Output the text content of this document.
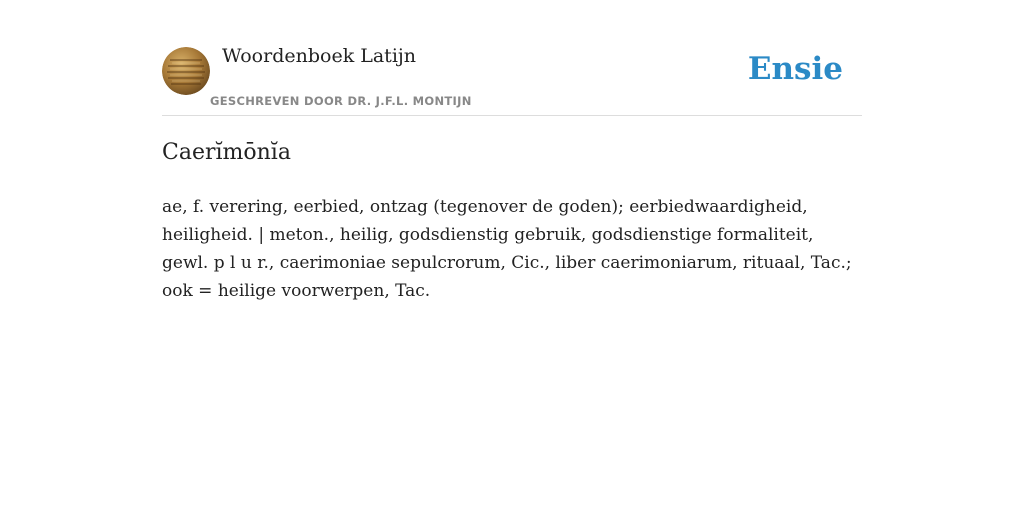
Woordenboek Latijn
GESCHREVEN DOOR DR. J.F.L. MONTIJN
Ensie
Caerĭmōnĭa

ae, f. verering, eerbied, ontzag (tegenover de goden); eerbiedwaardigheid, heiligheid. | meton., heilig, godsdienstig gebruik, godsdienstige formaliteit, gewl. p l u r., caerimoniae sepulcrorum, Cic., liber caerimoniarum, rituaal, Tac.; ook = heilige voorwerpen, Tac.
